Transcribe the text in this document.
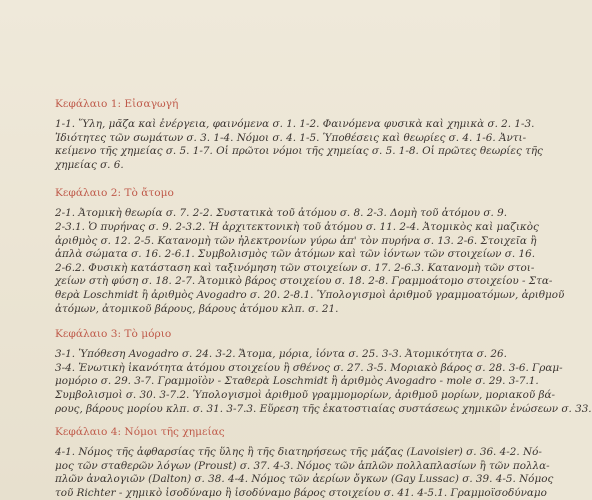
Κεφάλαιο 1: Εἰσαγωγή
1-1. Ὕλη, μᾶζα καὶ ἐνέργεια, φαινόμενα σ. 1. 1-2. Φαινόμενα φυσικὰ καὶ χημικὰ σ. 2. 1-3.
Ἰδιότητες τῶν σωμάτων σ. 3. 1-4. Νόμοι σ. 4. 1-5. Ὑποθέσεις καὶ θεωρίες σ. 4. 1-6. Ἀντι-
κείμενο τῆς χημείας σ. 5. 1-7. Οἱ πρῶτοι νόμοι τῆς χημείας σ. 5. 1-8. Οἱ πρῶτες θεωρίες τῆς
χημείας σ. 6.
Κεφάλαιο 2: Τὸ ἄτομο
2-1. Ἀτομικὴ θεωρία σ. 7. 2-2. Συστατικὰ τοῦ ἀτόμου σ. 8. 2-3. Δομὴ τοῦ ἀτόμου σ. 9.
2-3.1. Ὁ πυρήνας σ. 9. 2-3.2. Ἡ ἀρχιτεκτονικὴ τοῦ ἀτόμου σ. 11. 2-4. Ἀτομικὸς καὶ μαζικὸς
ἀριθμὸς σ. 12. 2-5. Κατανομὴ τῶν ἠλεκτρονίων γύρω ἀπ' τὸν πυρήνα σ. 13. 2-6. Στοιχεῖα ἢ
ἁπλὰ σώματα σ. 16. 2-6.1. Συμβολισμὸς τῶν ἀτόμων καὶ τῶν ἰόντων τῶν στοιχείων σ. 16.
2-6.2. Φυσικὴ κατάσταση καὶ ταξινόμηση τῶν στοιχείων σ. 17. 2-6.3. Κατανομὴ τῶν στοι-
χείων στὴ φύση σ. 18. 2-7. Ἀτομικὸ βάρος στοιχείου σ. 18. 2-8. Γραμμοάτομο στοιχείου - Στα-
θερὰ Loschmidt ἢ ἀριθμὸς Avogadro σ. 20. 2-8.1. Ὑπολογισμοὶ ἀριθμοῦ γραμμοατόμων, ἀριθμοῦ
ἀτόμων, ἀτομικοῦ βάρους, βάρους ἀτόμου κλπ. σ. 21.
Κεφάλαιο 3: Τὸ μόριο
3-1. Ὑπόθεση Avogadro σ. 24. 3-2. Ἄτομα, μόρια, ἰόντα σ. 25. 3-3. Ἀτομικότητα σ. 26.
3-4. Ἑνωτικὴ ἱκανότητα ἀτόμου στοιχείου ἢ σθένος σ. 27. 3-5. Μοριακὸ βάρος σ. 28. 3-6. Γραμ-
μομόριο σ. 29. 3-7. Γραμμοϊὸν - Σταθερὰ Loschmidt ἢ ἀριθμὸς Avogadro - mole σ. 29. 3-7.1.
Συμβολισμοὶ σ. 30. 3-7.2. Ὑπολογισμοὶ ἀριθμοῦ γραμμομορίων, ἀριθμοῦ μορίων, μοριακοῦ βά-
ρους, βάρους μορίου κλπ. σ. 31. 3-7.3. Εὕρεση τῆς ἑκατοστιαίας συστάσεως χημικῶν ἑνώσεων σ. 33.
Κεφάλαιο 4: Νόμοι τῆς χημείας
4-1. Νόμος τῆς ἀφθαρσίας τῆς ὕλης ἢ τῆς διατηρήσεως τῆς μάζας (Lavoisier) σ. 36. 4-2. Νό-
μος τῶν σταθερῶν λόγων (Proust) σ. 37. 4-3. Νόμος τῶν ἁπλῶν πολλαπλασίων ἢ τῶν πολλα-
πλῶν ἀναλογιῶν (Dalton) σ. 38. 4-4. Νόμος τῶν ἀερίων ὄγκων (Gay Lussac) σ. 39. 4-5. Νόμος
τοῦ Richter - χημικὸ ἰσοδύναμο ἢ ἰσοδύναμο βάρος στοιχείου σ. 41. 4-5.1. Γραμμοϊσοδύναμο
